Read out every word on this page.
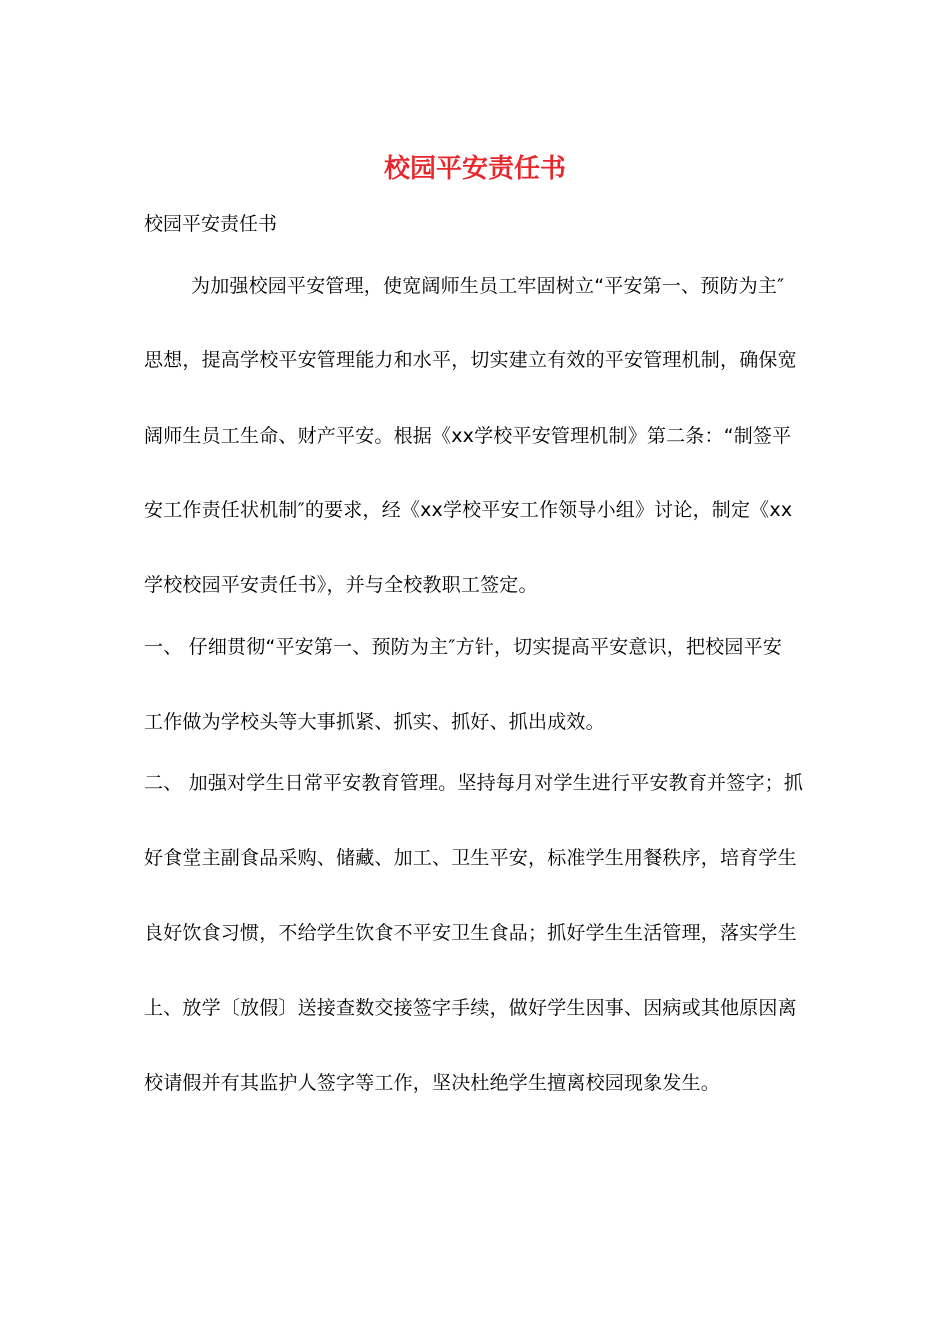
校园平安责任书
校园平安责任书
为加强校园平安管理，使宽阔师生员工牢固树立“平安第一、预防为主″
思想，提高学校平安管理能力和水平，切实建立有效的平安管理机制，确保宽
阔师生员工生命、财产平安。根据《xx学校平安管理机制》第二条：“制签平
安工作责任状机制″的要求，经《xx学校平安工作领导小组》讨论，制定《xx
学校校园平安责任书》，并与全校教职工签定。
一、 仔细贯彻“平安第一、预防为主″方针，切实提高平安意识，把校园平安
工作做为学校头等大事抓紧、抓实、抓好、抓出成效。
二、 加强对学生日常平安教育管理。坚持每月对学生进行平安教育并签字；抓
好食堂主副食品采购、储藏、加工、卫生平安，标准学生用餐秩序，培育学生
良好饮食习惯，不给学生饮食不平安卫生食品；抓好学生生活管理，落实学生
上、放学〔放假〕送接查数交接签字手续，做好学生因事、因病或其他原因离
校请假并有其监护人签字等工作，坚决杜绝学生擅离校园现象发生。
